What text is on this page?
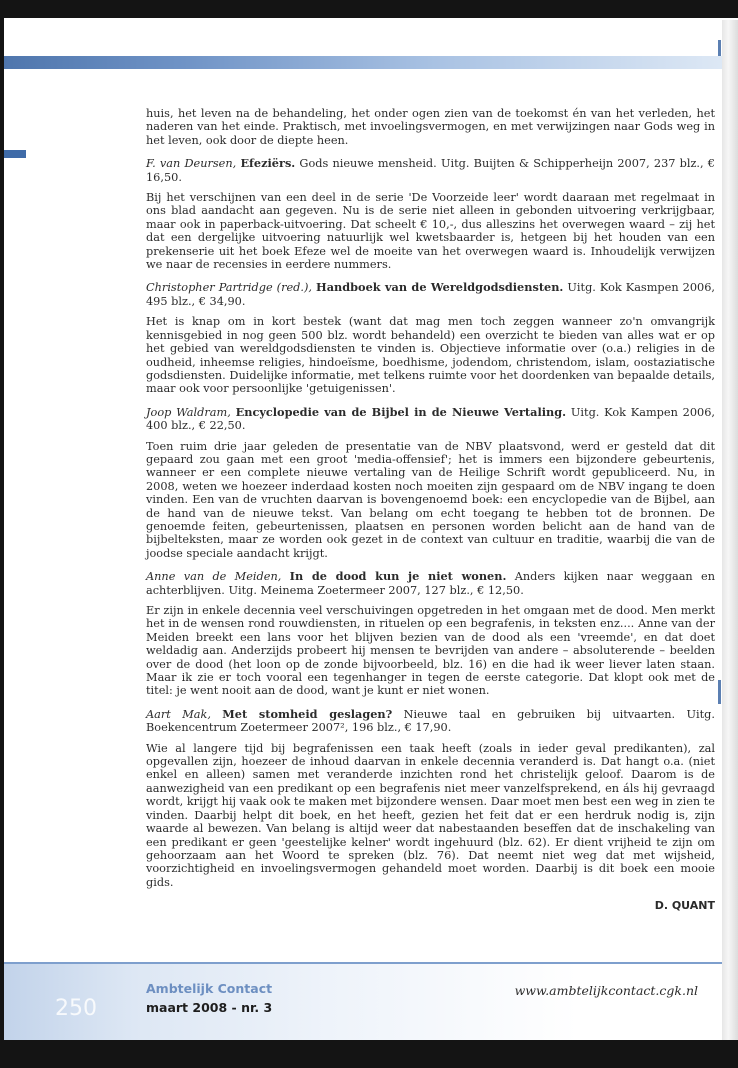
huis, het leven na de behandeling, het onder ogen zien van de toekomst én van het verleden, het naderen van het einde. Praktisch, met invoelingsvermogen, en met verwijzingen naar Gods weg in het leven, ook door de diepte heen.

F. van Deursen, Efeziërs. Gods nieuwe mensheid. Uitg. Buijten & Schipperheijn 2007, 237 blz., € 16,50.

Bij het verschijnen van een deel in de serie 'De Voorzeide leer' wordt daaraan met regelmaat in ons blad aandacht aan gegeven. Nu is de serie niet alleen in gebonden uitvoering verkrijgbaar, maar ook in paperback-uitvoering. Dat scheelt € 10,-, dus alleszins het overwegen waard – zij het dat een dergelijke uitvoering natuurlijk wel kwetsbaarder is, hetgeen bij het houden van een prekenserie uit het boek Efeze wel de moeite van het overwegen waard is. Inhoudelijk verwijzen we naar de recensies in eerdere nummers.

Christopher Partridge (red.), Handboek van de Wereldgodsdiensten. Uitg. Kok Kasmpen 2006, 495 blz., € 34,90.

Het is knap om in kort bestek (want dat mag men toch zeggen wanneer zo'n omvangrijk kennisgebied in nog geen 500 blz. wordt behandeld) een overzicht te bieden van alles wat er op het gebied van wereldgodsdiensten te vinden is. Objectieve informatie over (o.a.) religies in de oudheid, inheemse religies, hindoeïsme, boedhisme, jodendom, christendom, islam, oostaziatische godsdiensten. Duidelijke informatie, met telkens ruimte voor het doordenken van bepaalde details, maar ook voor persoonlijke 'getuigenissen'.

Joop Waldram, Encyclopedie van de Bijbel in de Nieuwe Vertaling. Uitg. Kok Kampen 2006, 400 blz., € 22,50.

Toen ruim drie jaar geleden de presentatie van de NBV plaatsvond, werd er gesteld dat dit gepaard zou gaan met een groot 'media-offensief'; het is immers een bijzondere gebeurtenis, wanneer er een complete nieuwe vertaling van de Heilige Schrift wordt gepubliceerd. Nu, in 2008, weten we hoezeer inderdaad kosten noch moeiten zijn gespaard om de NBV ingang te doen vinden. Een van de vruchten daarvan is bovengenoemd boek: een encyclopedie van de Bijbel, aan de hand van de nieuwe tekst. Van belang om echt toegang te hebben tot de bronnen. De genoemde feiten, gebeurtenissen, plaatsen en personen worden belicht aan de hand van de bijbelteksten, maar ze worden ook gezet in de context van cultuur en traditie, waarbij die van de joodse speciale aandacht krijgt.

Anne van de Meiden, In de dood kun je niet wonen. Anders kijken naar weggaan en achterblijven. Uitg. Meinema Zoetermeer 2007, 127 blz., € 12,50.

Er zijn in enkele decennia veel verschuivingen opgetreden in het omgaan met de dood. Men merkt het in de wensen rond rouwdiensten, in rituelen op een begrafenis, in teksten enz.... Anne van der Meiden breekt een lans voor het blijven bezien van de dood als een 'vreemde', en dat doet weldadig aan. Anderzijds probeert hij mensen te bevrijden van andere – absoluterende – beelden over de dood (het loon op de zonde bijvoorbeeld, blz. 16) en die had ik weer liever laten staan. Maar ik zie er toch vooral een tegenhanger in tegen de eerste categorie. Dat klopt ook met de titel: je went nooit aan de dood, want je kunt er niet wonen.

Aart Mak, Met stomheid geslagen? Nieuwe taal en gebruiken bij uitvaarten. Uitg. Boekencentrum Zoetermeer 2007², 196 blz., € 17,90.

Wie al langere tijd bij begrafenissen een taak heeft (zoals in ieder geval predikanten), zal opgevallen zijn, hoezeer de inhoud daarvan in enkele decennia veranderd is. Dat hangt o.a. (niet enkel en alleen) samen met veranderde inzichten rond het christelijk geloof. Daarom is de aanwezigheid van een predikant op een begrafenis niet meer vanzelfsprekend, en áls hij gevraagd wordt, krijgt hij vaak ook te maken met bijzondere wensen. Daar moet men best een weg in zien te vinden. Daarbij helpt dit boek, en het heeft, gezien het feit dat er een herdruk nodig is, zijn waarde al bewezen. Van belang is altijd weer dat nabestaanden beseffen dat de inschakeling van een predikant er geen 'geestelijke kelner' wordt ingehuurd (blz. 62). Er dient vrijheid te zijn om gehoorzaam aan het Woord te spreken (blz. 76). Dat neemt niet weg dat met wijsheid, voorzichtigheid en invoelingsvermogen gehandeld moet worden. Daarbij is dit boek een mooie gids.

D. QUANT
250
Ambtelijk Contact
maart 2008 - nr. 3
www.ambtelijkcontact.cgk.nl
